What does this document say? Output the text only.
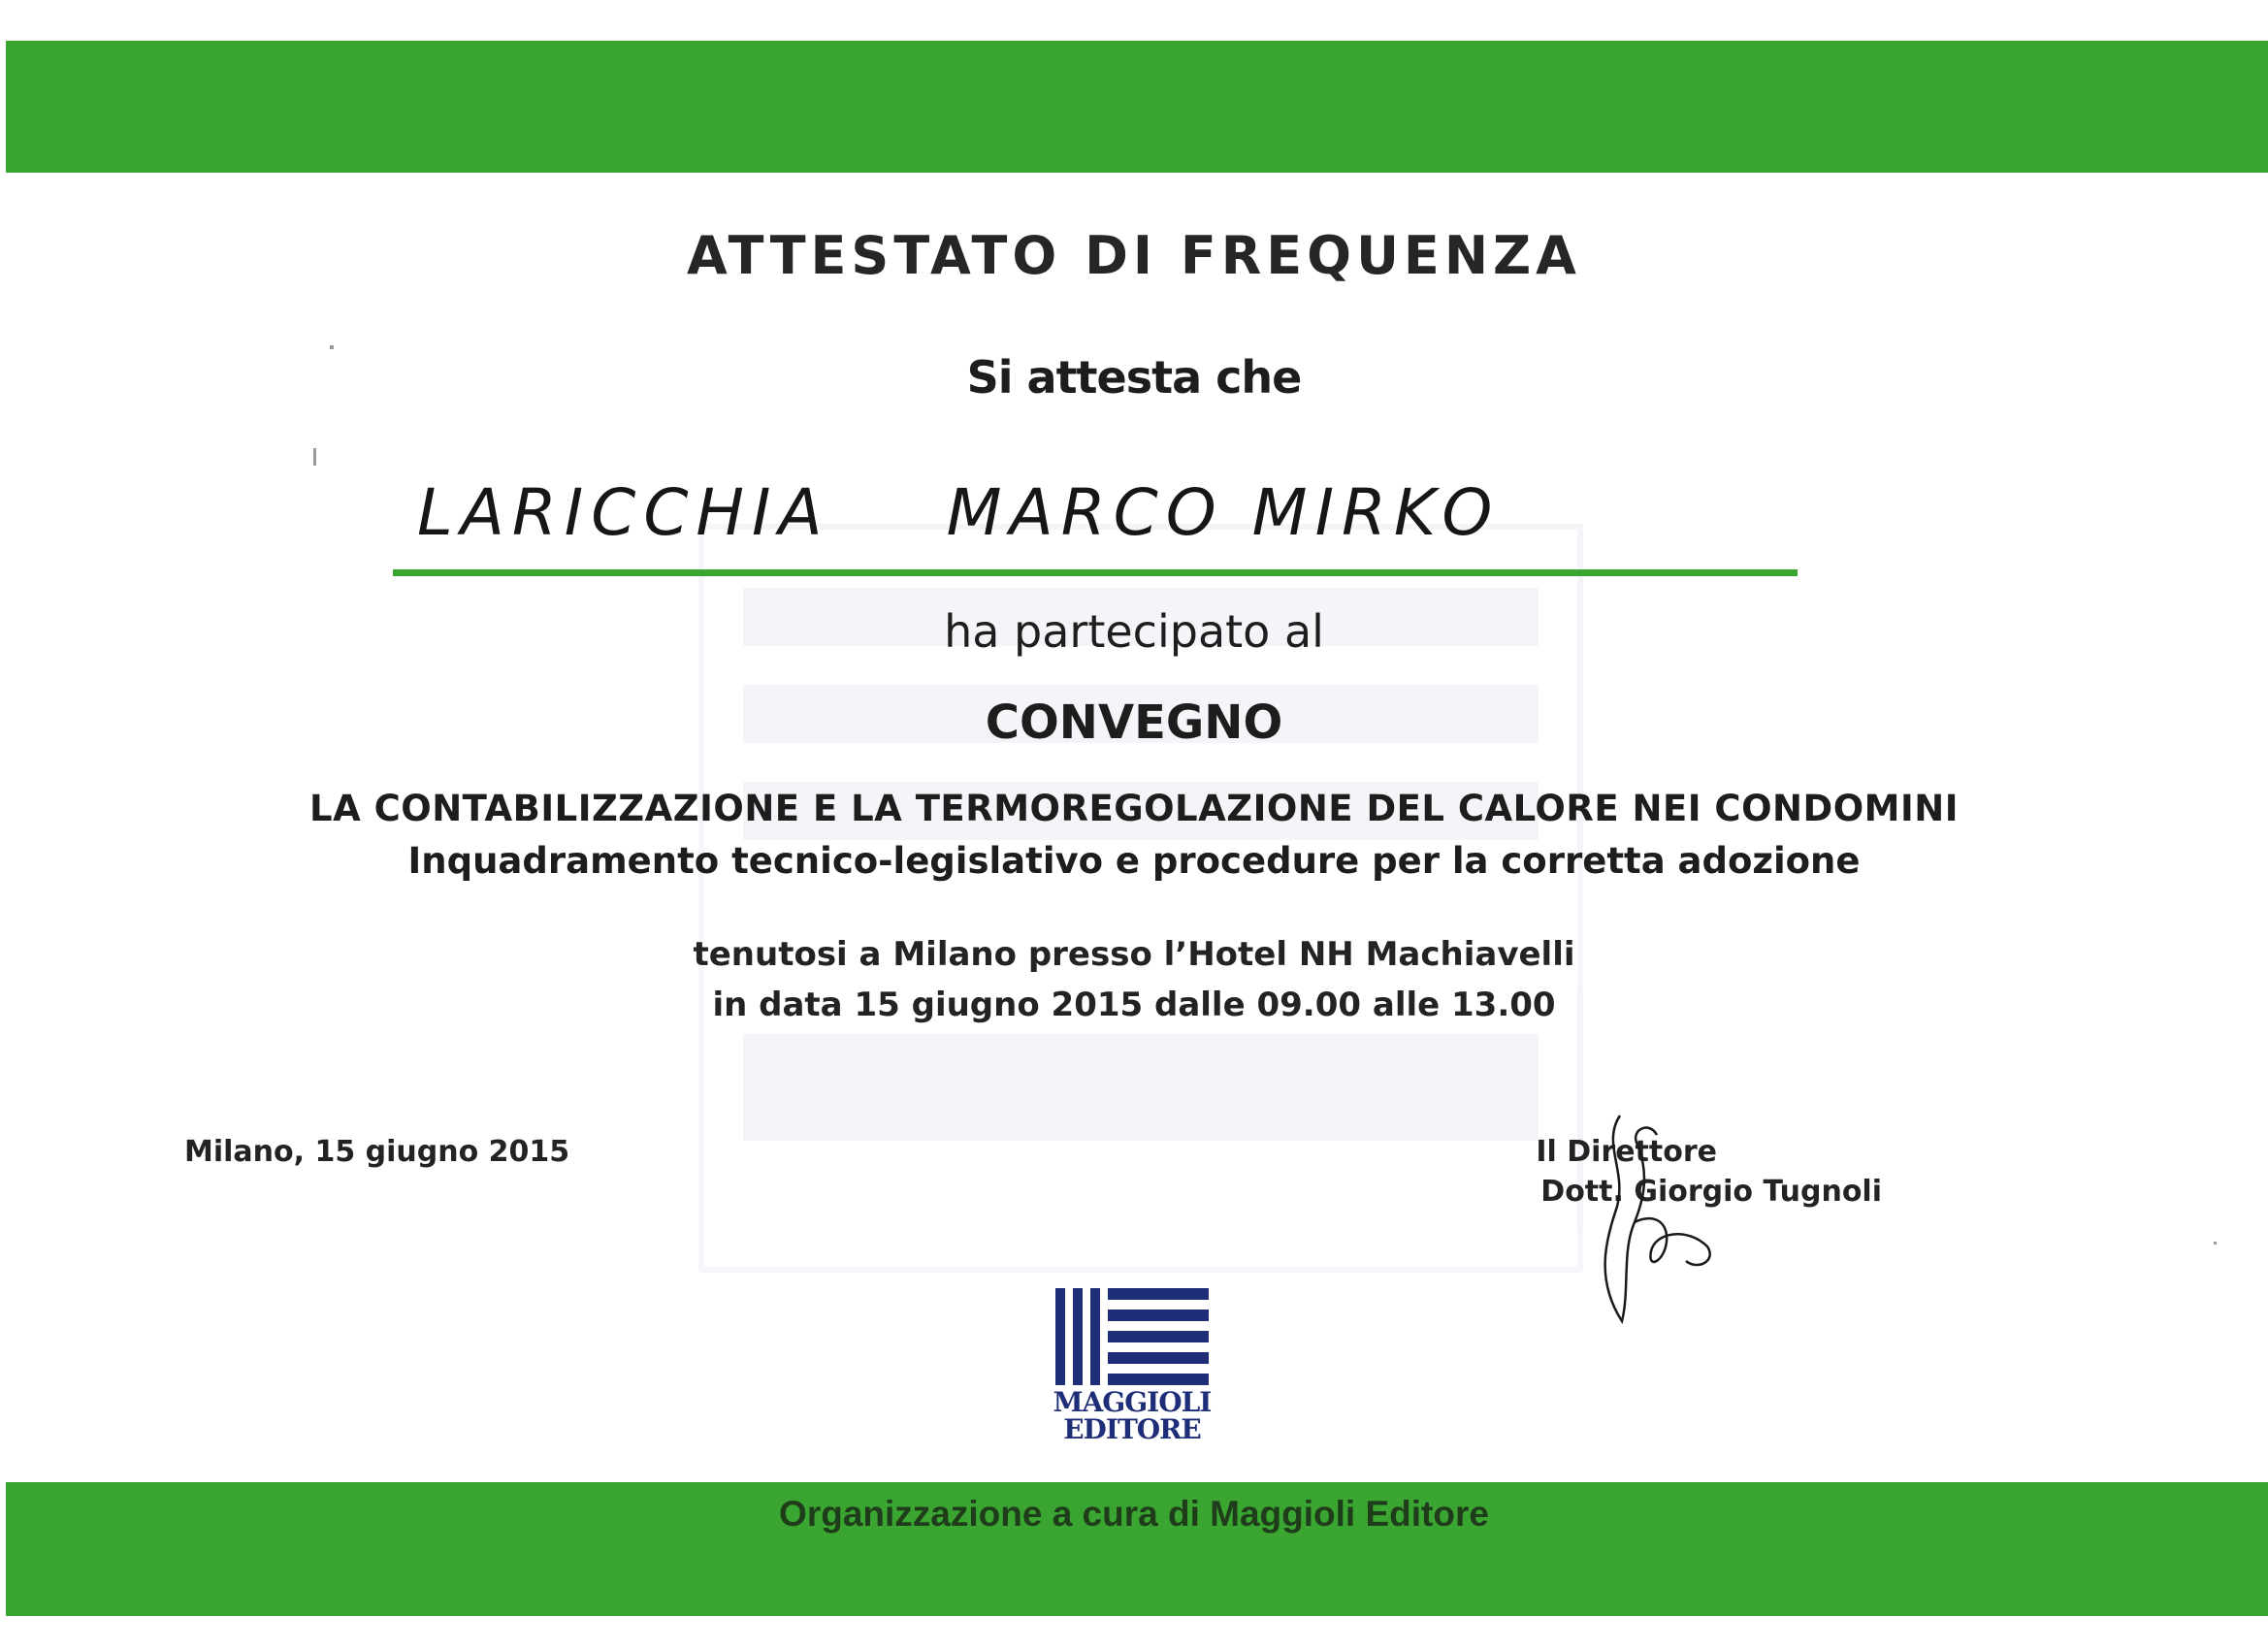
ATTESTATO DI FREQUENZA
Si attesta che
LARICCHIA MARCO MIRKO
ha partecipato al
CONVEGNO
LA CONTABILIZZAZIONE E LA TERMOREGOLAZIONE DEL CALORE NEI CONDOMINI
Inquadramento tecnico-legislativo e procedure per la corretta adozione
tenutosi a Milano presso l’Hotel NH Machiavelli
in data 15 giugno 2015 dalle 09.00 alle 13.00
Milano, 15 giugno 2015	Il Direttore
Dott. Giorgio Tugnoli
MAGGIOLI
EDITORE
Organizzazione a cura di Maggioli Editore
